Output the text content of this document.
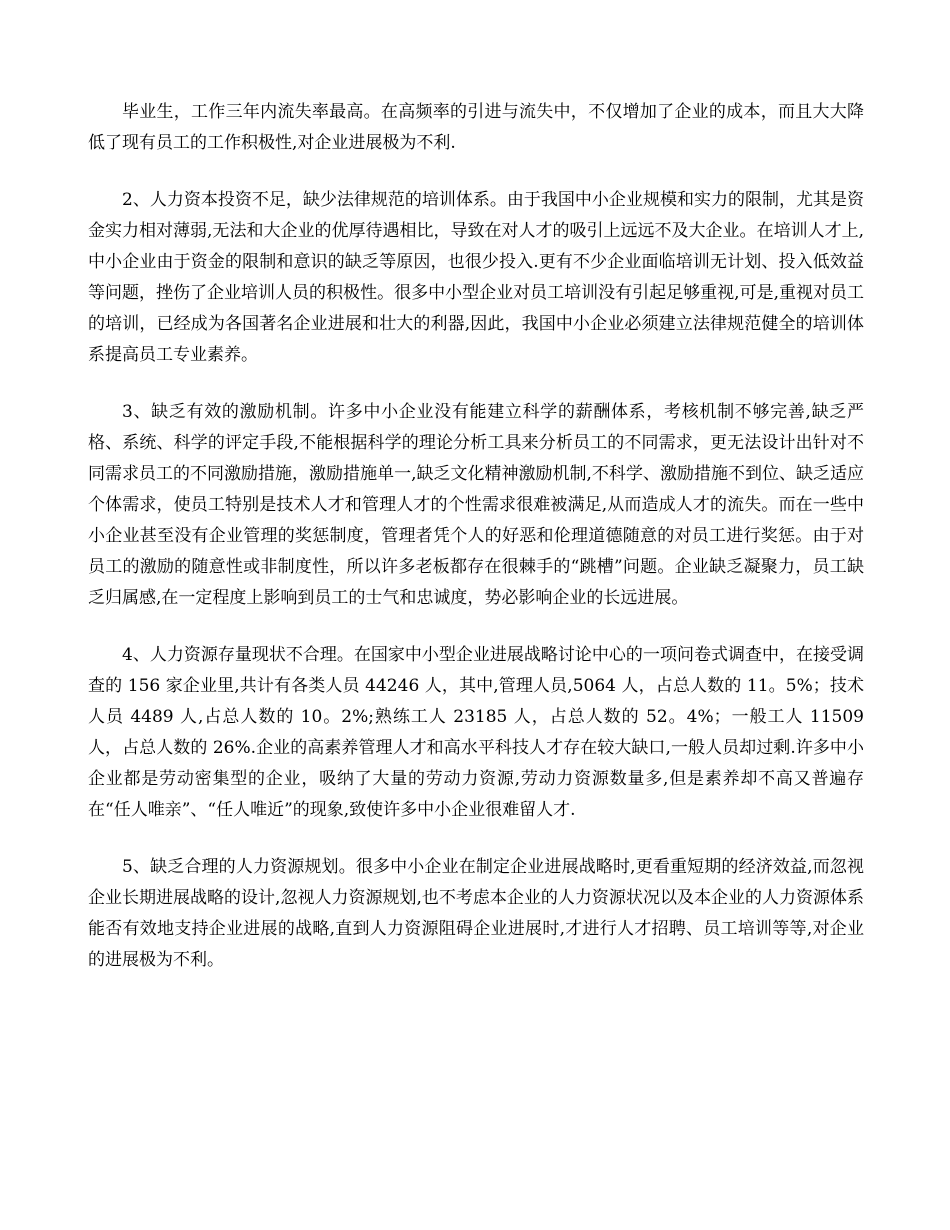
毕业生，工作三年内流失率最高。在高频率的引进与流失中，不仅增加了企业的成本，而且大大降低了现有员工的工作积极性,对企业进展极为不利.

2、人力资本投资不足，缺少法律规范的培训体系。由于我国中小企业规模和实力的限制，尤其是资金实力相对薄弱,无法和大企业的优厚待遇相比，导致在对人才的吸引上远远不及大企业。在培训人才上,中小企业由于资金的限制和意识的缺乏等原因，也很少投入.更有不少企业面临培训无计划、投入低效益等问题，挫伤了企业培训人员的积极性。很多中小型企业对员工培训没有引起足够重视,可是,重视对员工的培训，已经成为各国著名企业进展和壮大的利器,因此，我国中小企业必须建立法律规范健全的培训体系提高员工专业素养。

3、缺乏有效的激励机制。许多中小企业没有能建立科学的薪酬体系，考核机制不够完善,缺乏严格、系统、科学的评定手段,不能根据科学的理论分析工具来分析员工的不同需求，更无法设计出针对不同需求员工的不同激励措施，激励措施单一,缺乏文化精神激励机制,不科学、激励措施不到位、缺乏适应个体需求，使员工特别是技术人才和管理人才的个性需求很难被满足,从而造成人才的流失。而在一些中小企业甚至没有企业管理的奖惩制度，管理者凭个人的好恶和伦理道德随意的对员工进行奖惩。由于对员工的激励的随意性或非制度性，所以许多老板都存在很棘手的“跳槽”问题。企业缺乏凝聚力，员工缺乏归属感,在一定程度上影响到员工的士气和忠诚度，势必影响企业的长远进展。

4、人力资源存量现状不合理。在国家中小型企业进展战略讨论中心的一项问卷式调查中，在接受调查的 156 家企业里,共计有各类人员 44246 人，其中,管理人员,5064 人，占总人数的 11。5%；技术人员 4489 人,占总人数的 10。2%;熟练工人 23185 人，占总人数的 52。4%；一般工人 11509 人，占总人数的 26%.企业的高素养管理人才和高水平科技人才存在较大缺口,一般人员却过剩.许多中小企业都是劳动密集型的企业，吸纳了大量的劳动力资源,劳动力资源数量多,但是素养却不高又普遍存在“任人唯亲”、“任人唯近”的现象,致使许多中小企业很难留人才.

5、缺乏合理的人力资源规划。很多中小企业在制定企业进展战略时,更看重短期的经济效益,而忽视企业长期进展战略的设计,忽视人力资源规划,也不考虑本企业的人力资源状况以及本企业的人力资源体系能否有效地支持企业进展的战略,直到人力资源阻碍企业进展时,才进行人才招聘、员工培训等等,对企业的进展极为不利。
